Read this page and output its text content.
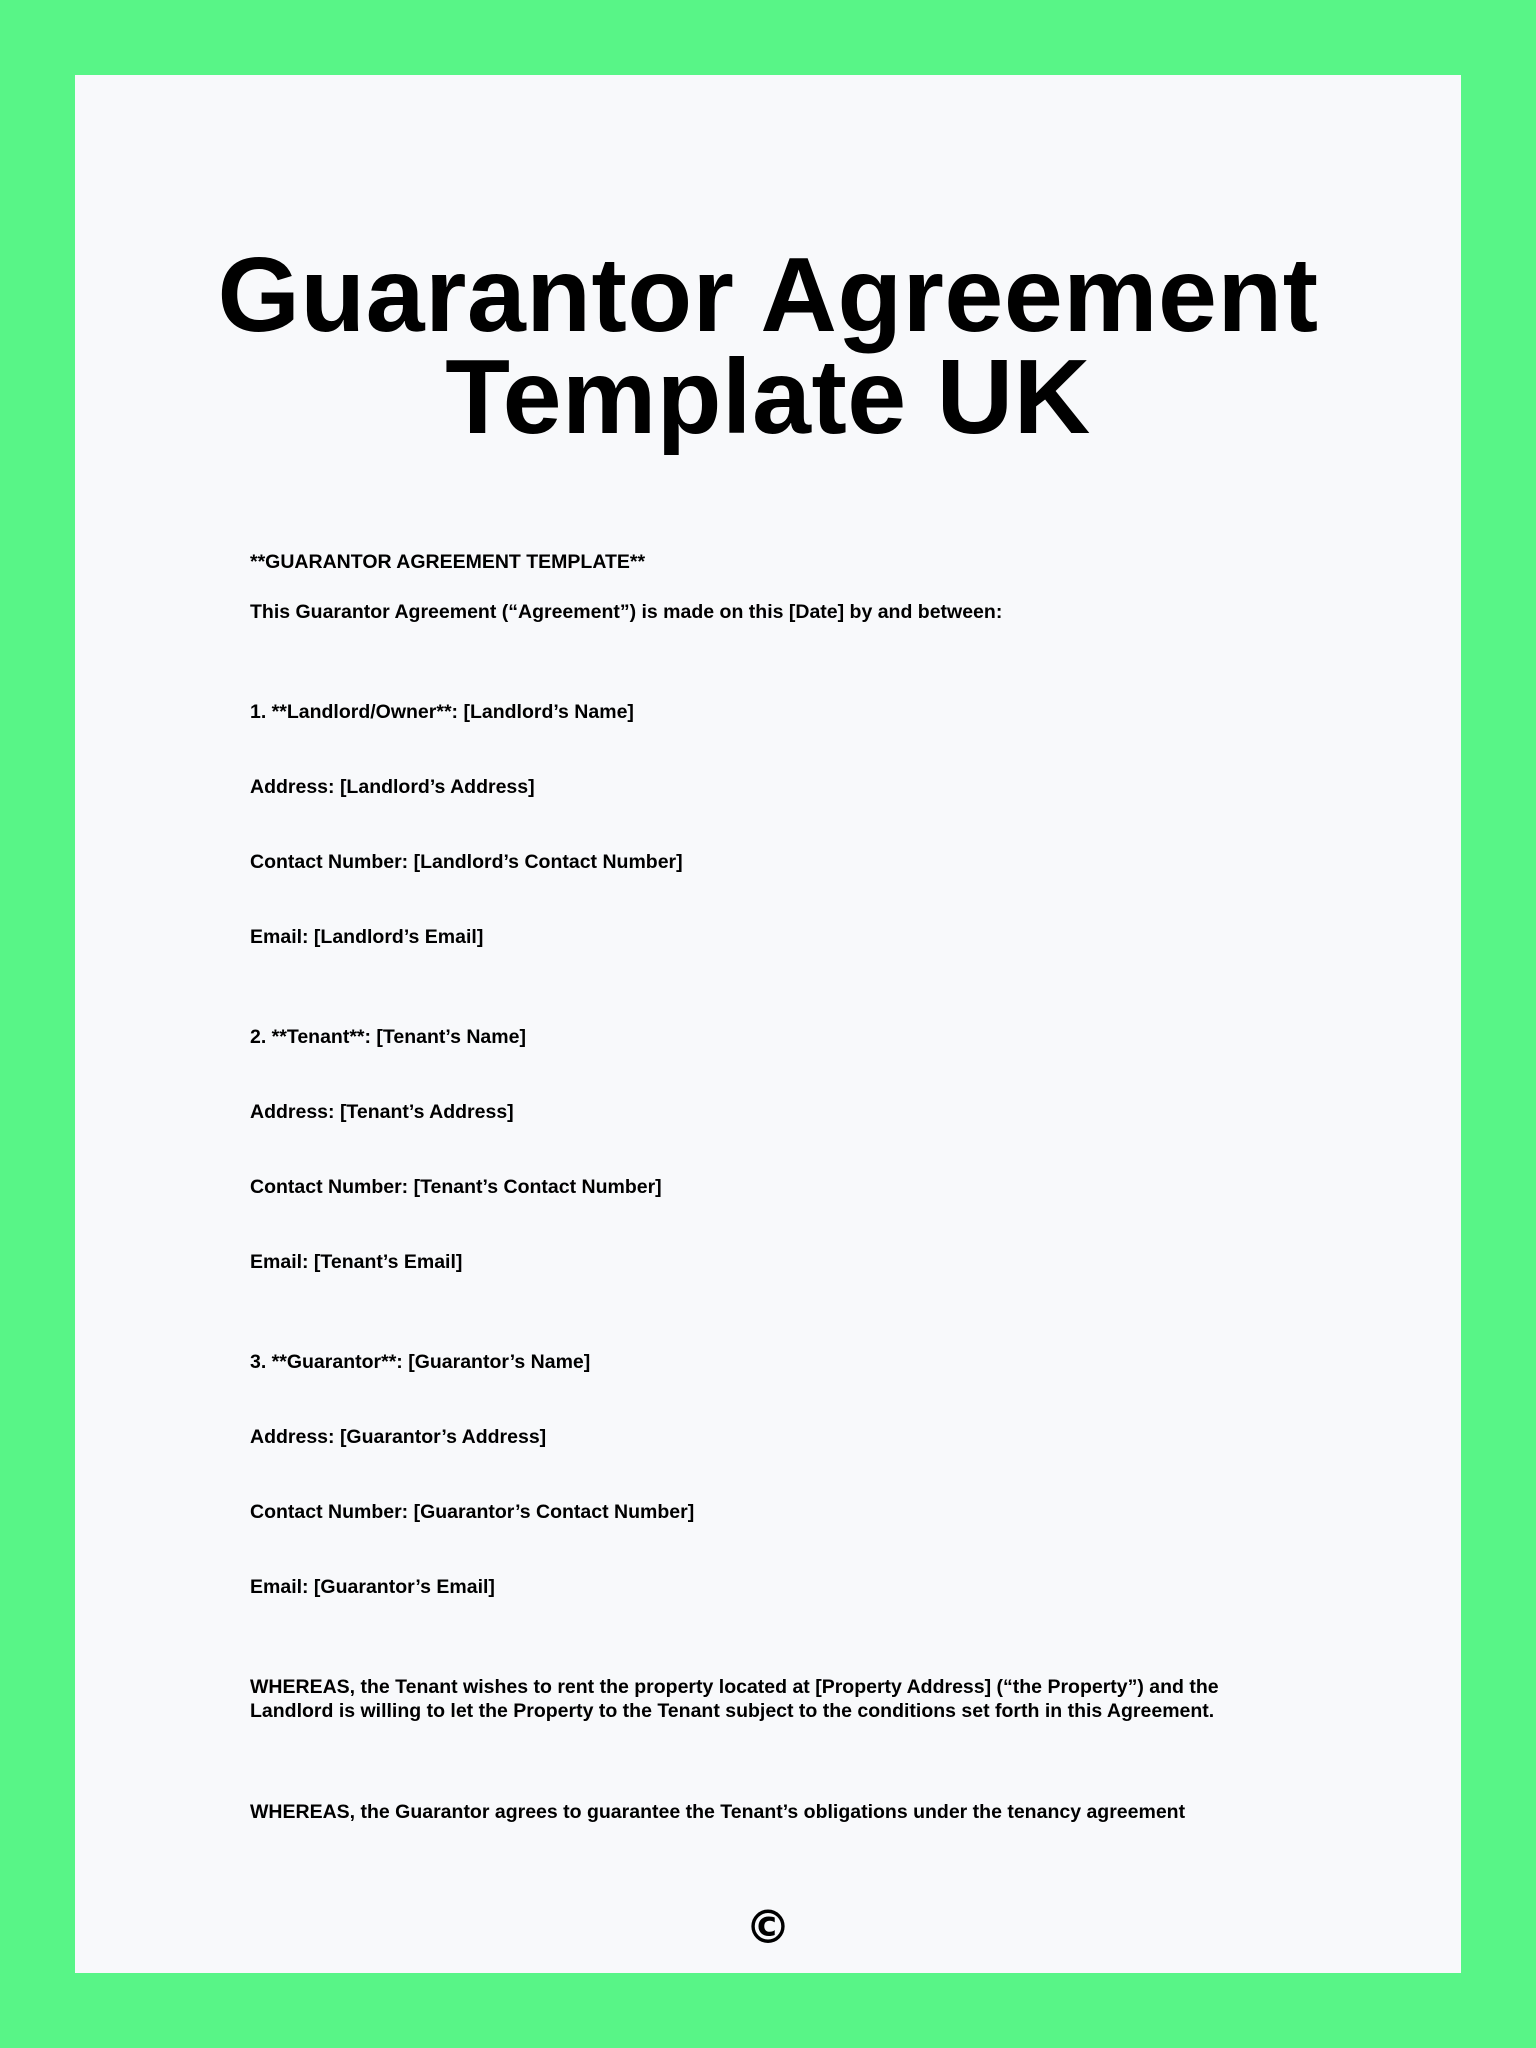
Guarantor Agreement
Template UK

**GUARANTOR AGREEMENT TEMPLATE**

This Guarantor Agreement (“Agreement”) is made on this [Date] by and between:

1. **Landlord/Owner**: [Landlord’s Name]

Address: [Landlord’s Address]

Contact Number: [Landlord’s Contact Number]

Email: [Landlord’s Email]

2. **Tenant**: [Tenant’s Name]

Address: [Tenant’s Address]

Contact Number: [Tenant’s Contact Number]

Email: [Tenant’s Email]

3. **Guarantor**: [Guarantor’s Name]

Address: [Guarantor’s Address]

Contact Number: [Guarantor’s Contact Number]

Email: [Guarantor’s Email]

WHEREAS, the Tenant wishes to rent the property located at [Property Address] (“the Property”) and the

Landlord is willing to let the Property to the Tenant subject to the conditions set forth in this Agreement.

WHEREAS, the Guarantor agrees to guarantee the Tenant’s obligations under the tenancy agreement

©
